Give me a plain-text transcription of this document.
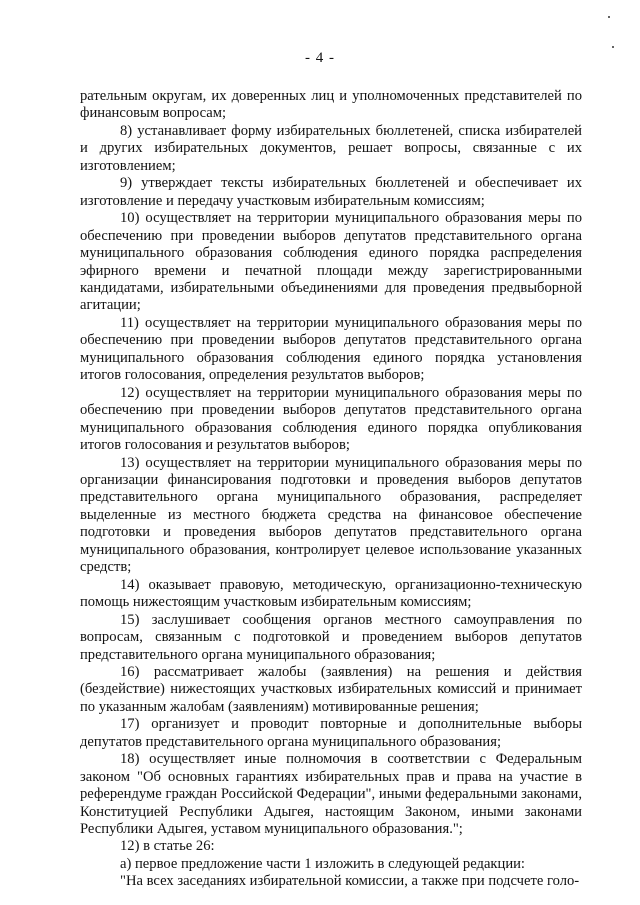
- 4 -

рательным округам, их доверенных лиц и уполномоченных представителей по финансовым вопросам;

8) устанавливает форму избирательных бюллетеней, списка избирателей и других избирательных документов, решает вопросы, связанные с их изготовлением;

9) утверждает тексты избирательных бюллетеней и обеспечивает их изготовление и передачу участковым избирательным комиссиям;

10) осуществляет на территории муниципального образования меры по обеспечению при проведении выборов депутатов представительного органа муниципального образования соблюдения единого порядка распределения эфирного времени и печатной площади между зарегистрированными кандидатами, избирательными объединениями для проведения предвыборной агитации;

11) осуществляет на территории муниципального образования меры по обеспечению при проведении выборов депутатов представительного органа муниципального образования соблюдения единого порядка установления итогов голосования, определения результатов выборов;

12) осуществляет на территории муниципального образования меры по обеспечению при проведении выборов депутатов представительного органа муниципального образования соблюдения единого порядка опубликования итогов голосования и результатов выборов;

13) осуществляет на территории муниципального образования меры по организации финансирования подготовки и проведения выборов депутатов представительного органа муниципального образования, распределяет выделенные из местного бюджета средства на финансовое обеспечение подготовки и проведения выборов депутатов представительного органа муниципального образования, контролирует целевое использование указанных средств;

14) оказывает правовую, методическую, организационно-техническую помощь нижестоящим участковым избирательным комиссиям;

15) заслушивает сообщения органов местного самоуправления по вопросам, связанным с подготовкой и проведением выборов депутатов представительного органа муниципального образования;

16) рассматривает жалобы (заявления) на решения и действия (бездействие) нижестоящих участковых избирательных комиссий и принимает по указанным жалобам (заявлениям) мотивированные решения;

17) организует и проводит повторные и дополнительные выборы депутатов представительного органа муниципального образования;

18) осуществляет иные полномочия в соответствии с Федеральным законом "Об основных гарантиях избирательных прав и права на участие в референдуме граждан Российской Федерации", иными федеральными законами, Конституцией Республики Адыгея, настоящим Законом, иными законами Республики Адыгея, уставом муниципального образования.";

12) в статье 26:

а) первое предложение части 1 изложить в следующей редакции:

"На всех заседаниях избирательной комиссии, а также при подсчете голо-
